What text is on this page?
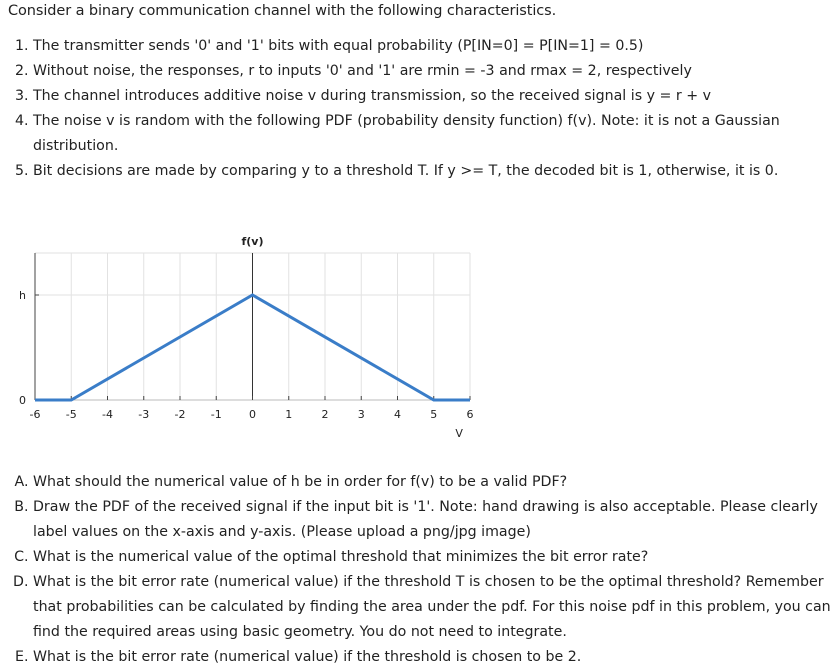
Consider a binary communication channel with the following characteristics.
1. The transmitter sends '0' and '1' bits with equal probability (P[IN=0] = P[IN=1] = 0.5)
2. Without noise, the responses, r to inputs '0' and '1' are rmin = -3 and rmax = 2, respectively
3. The channel introduces additive noise v during transmission, so the received signal is y = r + v
4. The noise v is random with the following PDF (probability density function) f(v). Note: it is not a Gaussian distribution.
5. Bit decisions are made by comparing y to a threshold T. If y >= T, the decoded bit is 1, otherwise, it is 0.
-6 -5 -4 -3 -2 -1 0	1	2	3	4	5	6
0
h
f(v)
V
A. What should the numerical value of h be in order for f(v) to be a valid PDF?
B. Draw the PDF of the received signal if the input bit is '1'. Note: hand drawing is also acceptable. Please clearly label values on the x-axis and y-axis. (Please upload a png/jpg image)
C. What is the numerical value of the optimal threshold that minimizes the bit error rate?
D. What is the bit error rate (numerical value) if the threshold T is chosen to be the optimal threshold? Remember that probabilities can be calculated by finding the area under the pdf. For this noise pdf in this problem, you can find the required areas using basic geometry. You do not need to integrate.
E. What is the bit error rate (numerical value) if the threshold is chosen to be 2.
